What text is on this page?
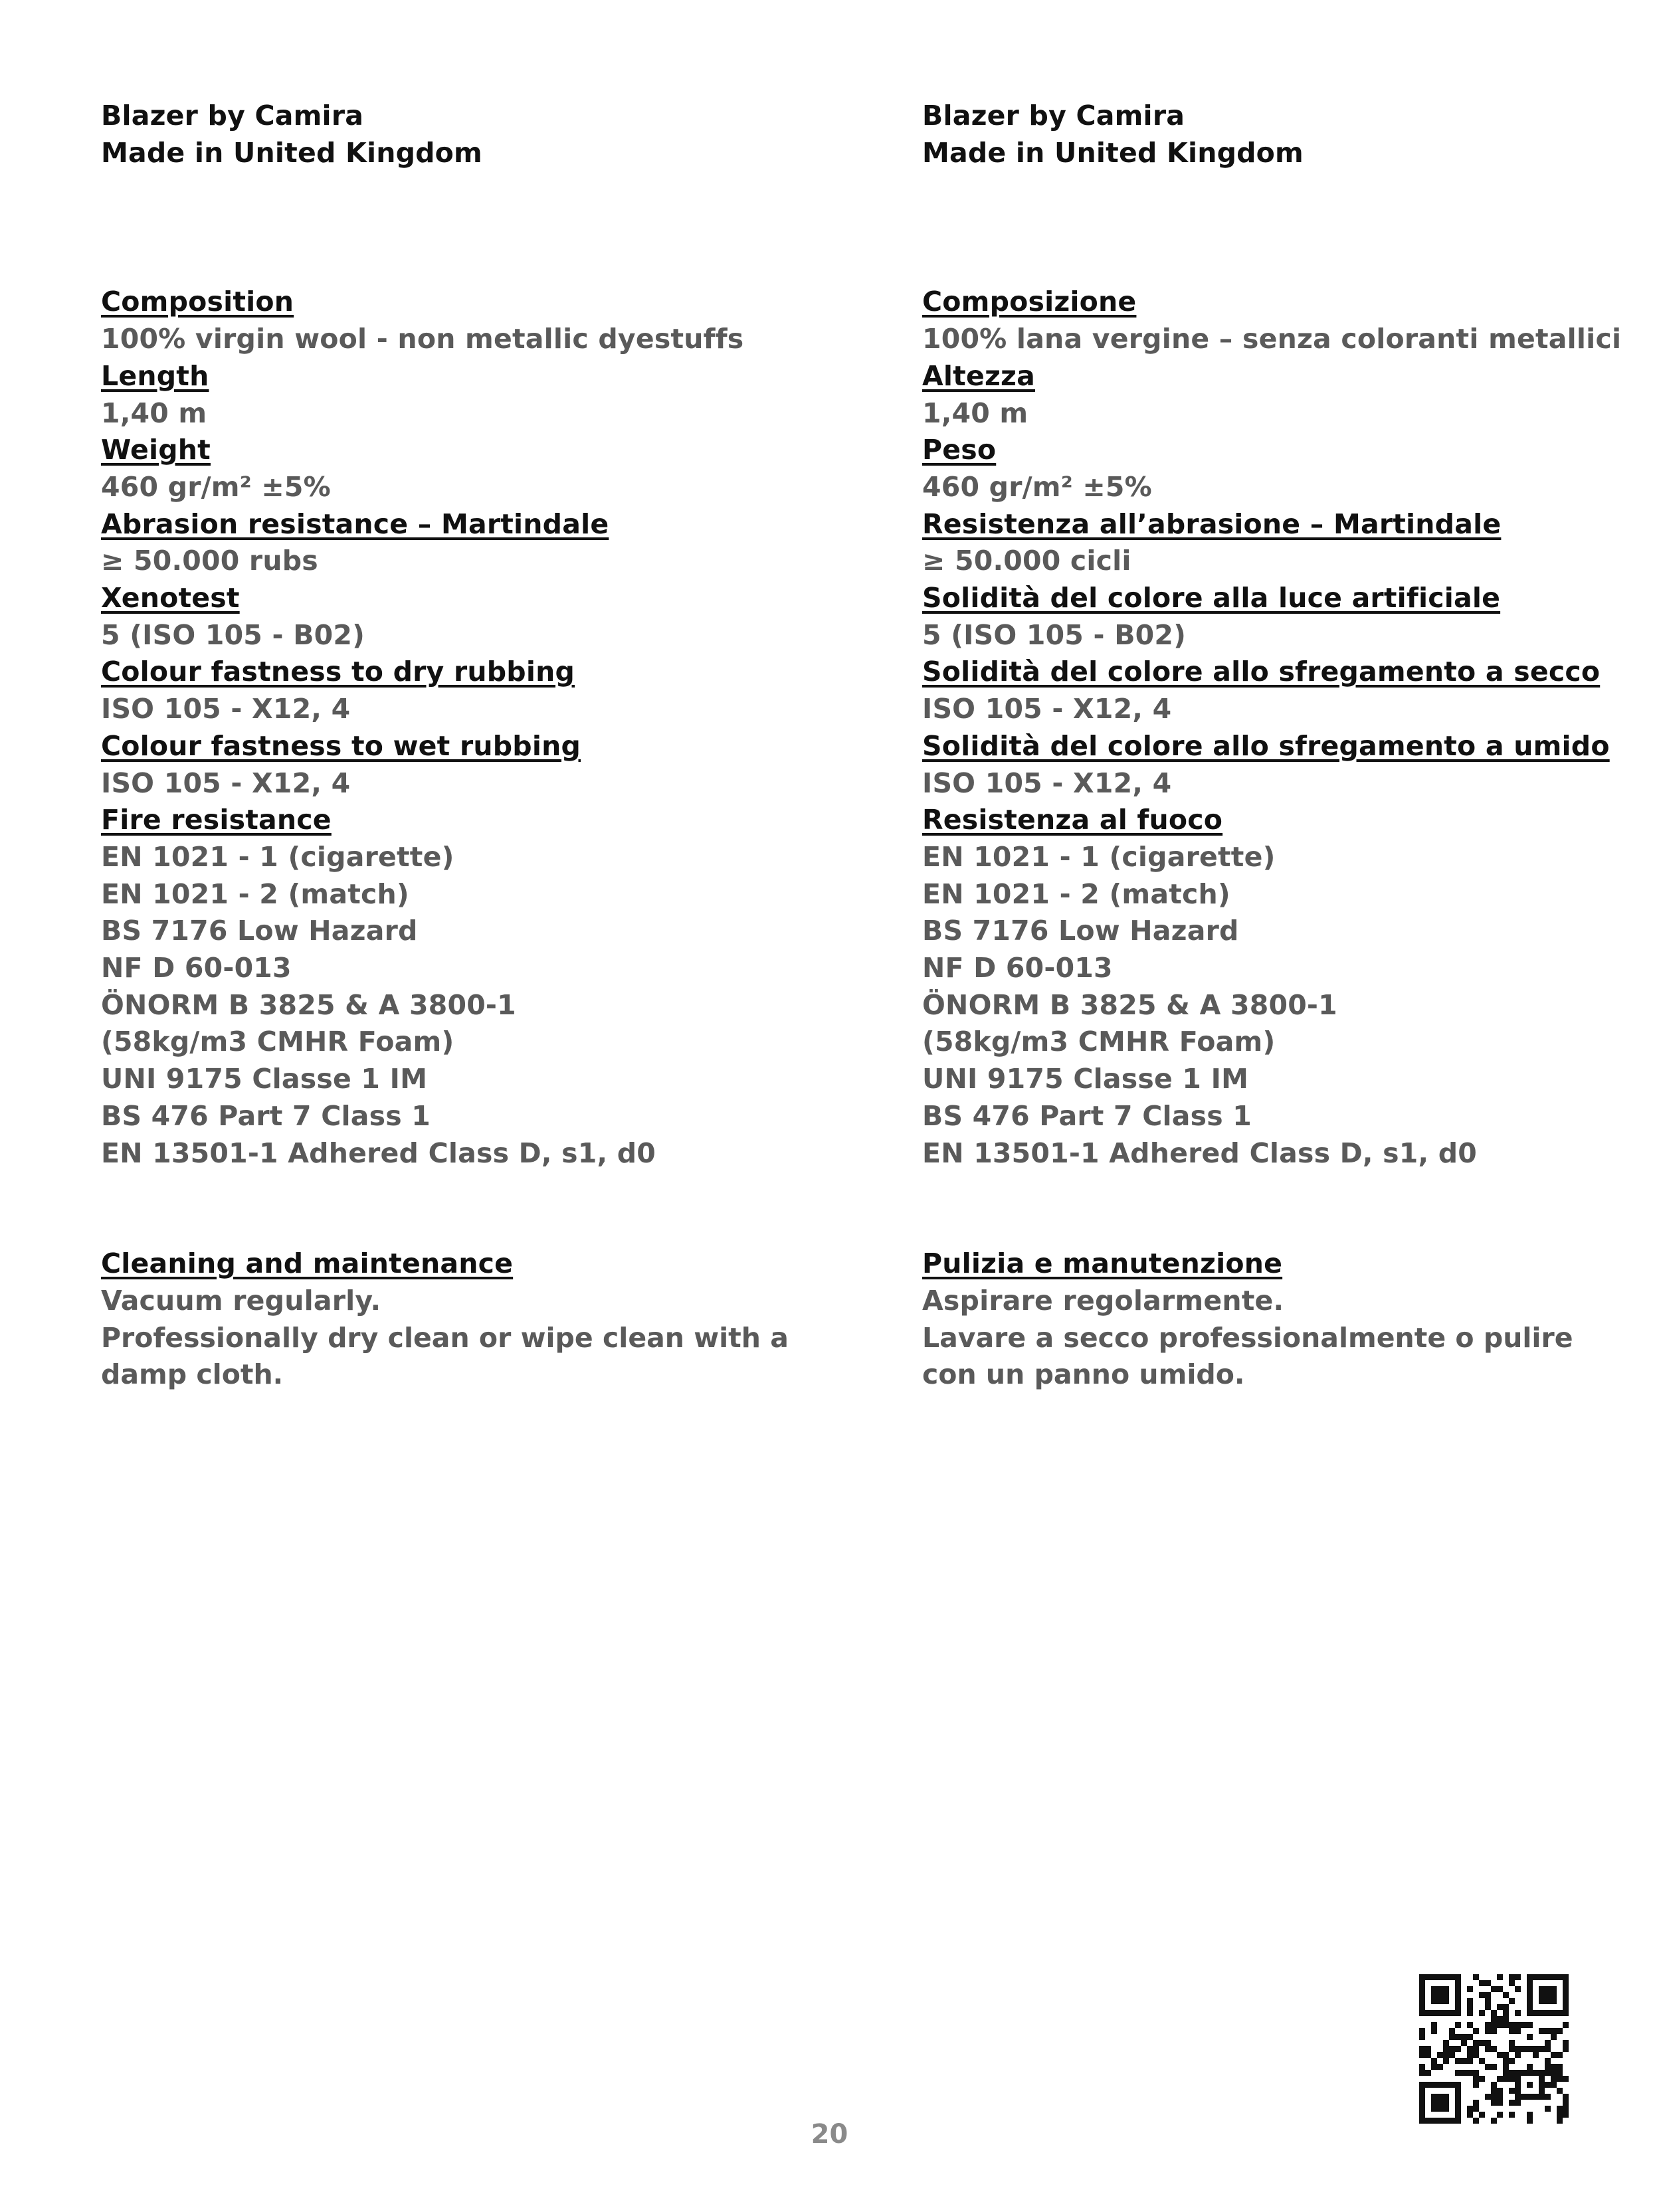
Blazer by Camira
Made in United Kingdom
Composition
100% virgin wool - non metallic dyestuffs
Length
1,40 m
Weight
460 gr/m² ±5%
Abrasion resistance – Martindale
≥ 50.000 rubs
Xenotest
5 (ISO 105 - B02)
Colour fastness to dry rubbing
ISO 105 - X12, 4
Colour fastness to wet rubbing
ISO 105 - X12, 4
Fire resistance
EN 1021 - 1 (cigarette)
EN 1021 - 2 (match)
BS 7176 Low Hazard
NF D 60-013
ÖNORM B 3825 & A 3800-1
(58kg/m3 CMHR Foam)
UNI 9175 Classe 1 IM
BS 476 Part 7 Class 1
EN 13501-1 Adhered Class D, s1, d0
Cleaning and maintenance
Vacuum regularly.
Professionally dry clean or wipe clean with a damp cloth.
Blazer by Camira
Made in United Kingdom
Composizione
100% lana vergine – senza coloranti metallici
Altezza
1,40 m
Peso
460 gr/m² ±5%
Resistenza all’abrasione – Martindale
≥ 50.000 cicli
Solidità del colore alla luce artificiale
5 (ISO 105 - B02)
Solidità del colore allo sfregamento a secco
ISO 105 - X12, 4
Solidità del colore allo sfregamento a umido
ISO 105 - X12, 4
Resistenza al fuoco
EN 1021 - 1 (cigarette)
EN 1021 - 2 (match)
BS 7176 Low Hazard
NF D 60-013
ÖNORM B 3825 & A 3800-1
(58kg/m3 CMHR Foam)
UNI 9175 Classe 1 IM
BS 476 Part 7 Class 1
EN 13501-1 Adhered Class D, s1, d0
Pulizia e manutenzione
Aspirare regolarmente.
Lavare a secco professionalmente o pulire con un panno umido.
20
